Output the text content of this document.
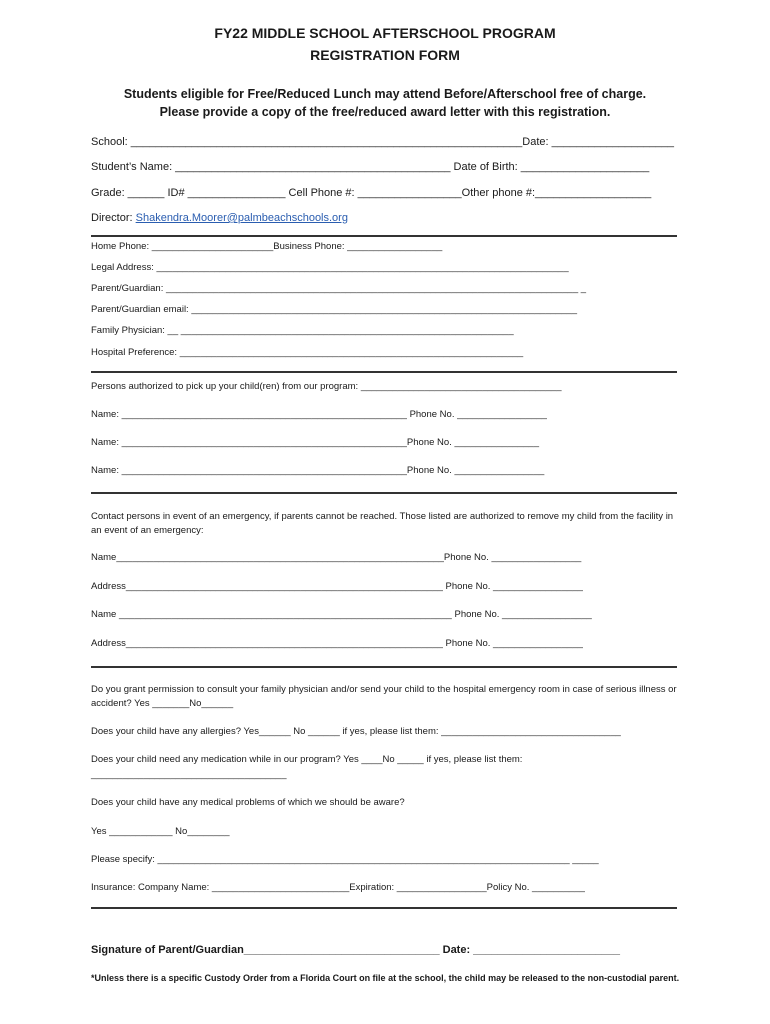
FY22 MIDDLE SCHOOL AFTERSCHOOL PROGRAM
REGISTRATION FORM
Students eligible for Free/Reduced Lunch may attend Before/Afterschool free of charge.
Please provide a copy of the free/reduced award letter with this registration.
School: ________________________________________________________________Date: ____________________
Student’s Name: _____________________________________________ Date of Birth: _____________________
Grade: ______ ID# ________________ Cell Phone #: _________________Other phone #:___________________
Director: Shakendra.Moorer@palmbeachschools.org
Home Phone: _______________________Business Phone: __________________
Legal Address: ______________________________________________________________________________
Parent/Guardian: ______________________________________________________________________________ _
Parent/Guardian email: _________________________________________________________________________
Family Physician: __ _______________________________________________________________
Hospital Preference: _________________________________________________________________
Persons authorized to pick up your child(ren) from our program: ______________________________________
Name: ______________________________________________________ Phone No. _________________
Name: ______________________________________________________Phone No. ________________
Name: ______________________________________________________Phone No. _________________
Contact persons in event of an emergency, if parents cannot be reached. Those listed are authorized to remove my child from the facility in an event of an emergency:
Name______________________________________________________________Phone No. _________________
Address____________________________________________________________ Phone No. _________________
Name _______________________________________________________________ Phone No. _________________
Address____________________________________________________________ Phone No. _________________
Do you grant permission to consult your family physician and/or send your child to the hospital emergency room in case of serious illness or accident? Yes _______No______
Does your child have any allergies? Yes______ No ______ if yes, please list them: __________________________________
Does your child need any medication while in our program? Yes ____No _____ if yes, please list them:
_____________________________________
Does your child have any medical problems of which we should be aware?
Yes ____________ No________
Please specify: ______________________________________________________________________________ _____
Insurance: Company Name: __________________________Expiration: _________________Policy No. __________
Signature of Parent/Guardian________________________________ Date: ________________________
*Unless there is a specific Custody Order from a Florida Court on file at the school, the child may be released to the non-custodial parent.
